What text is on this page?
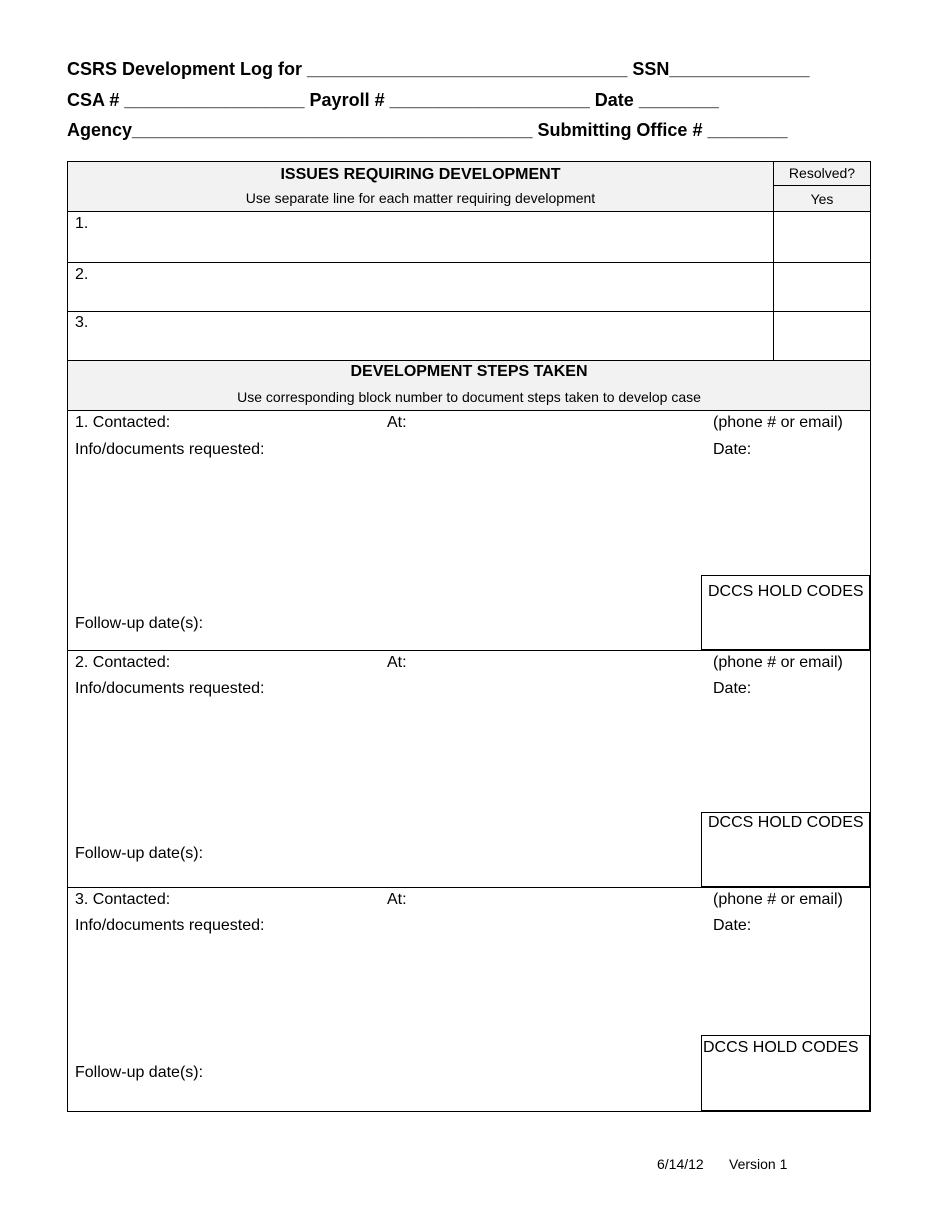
CSRS Development Log for ________________________________ SSN______________
CSA # __________________ Payroll # ____________________ Date ________
Agency________________________________________ Submitting Office # ________
ISSUES REQUIRING DEVELOPMENT
Use separate line for each matter requiring development
Resolved?
Yes
1.
2.
3.
DEVELOPMENT STEPS TAKEN
Use corresponding block number to document steps taken to develop case
1. Contacted:	At:	(phone # or email)
Info/documents requested:	Date:
DCCS HOLD CODES
Follow-up date(s):
2. Contacted:	At:	(phone # or email)
Info/documents requested:	Date:
DCCS HOLD CODES
Follow-up date(s):
3. Contacted:	At:	(phone # or email)
Info/documents requested:	Date:
DCCS HOLD CODES
Follow-up date(s):
6/14/12 Version 1
